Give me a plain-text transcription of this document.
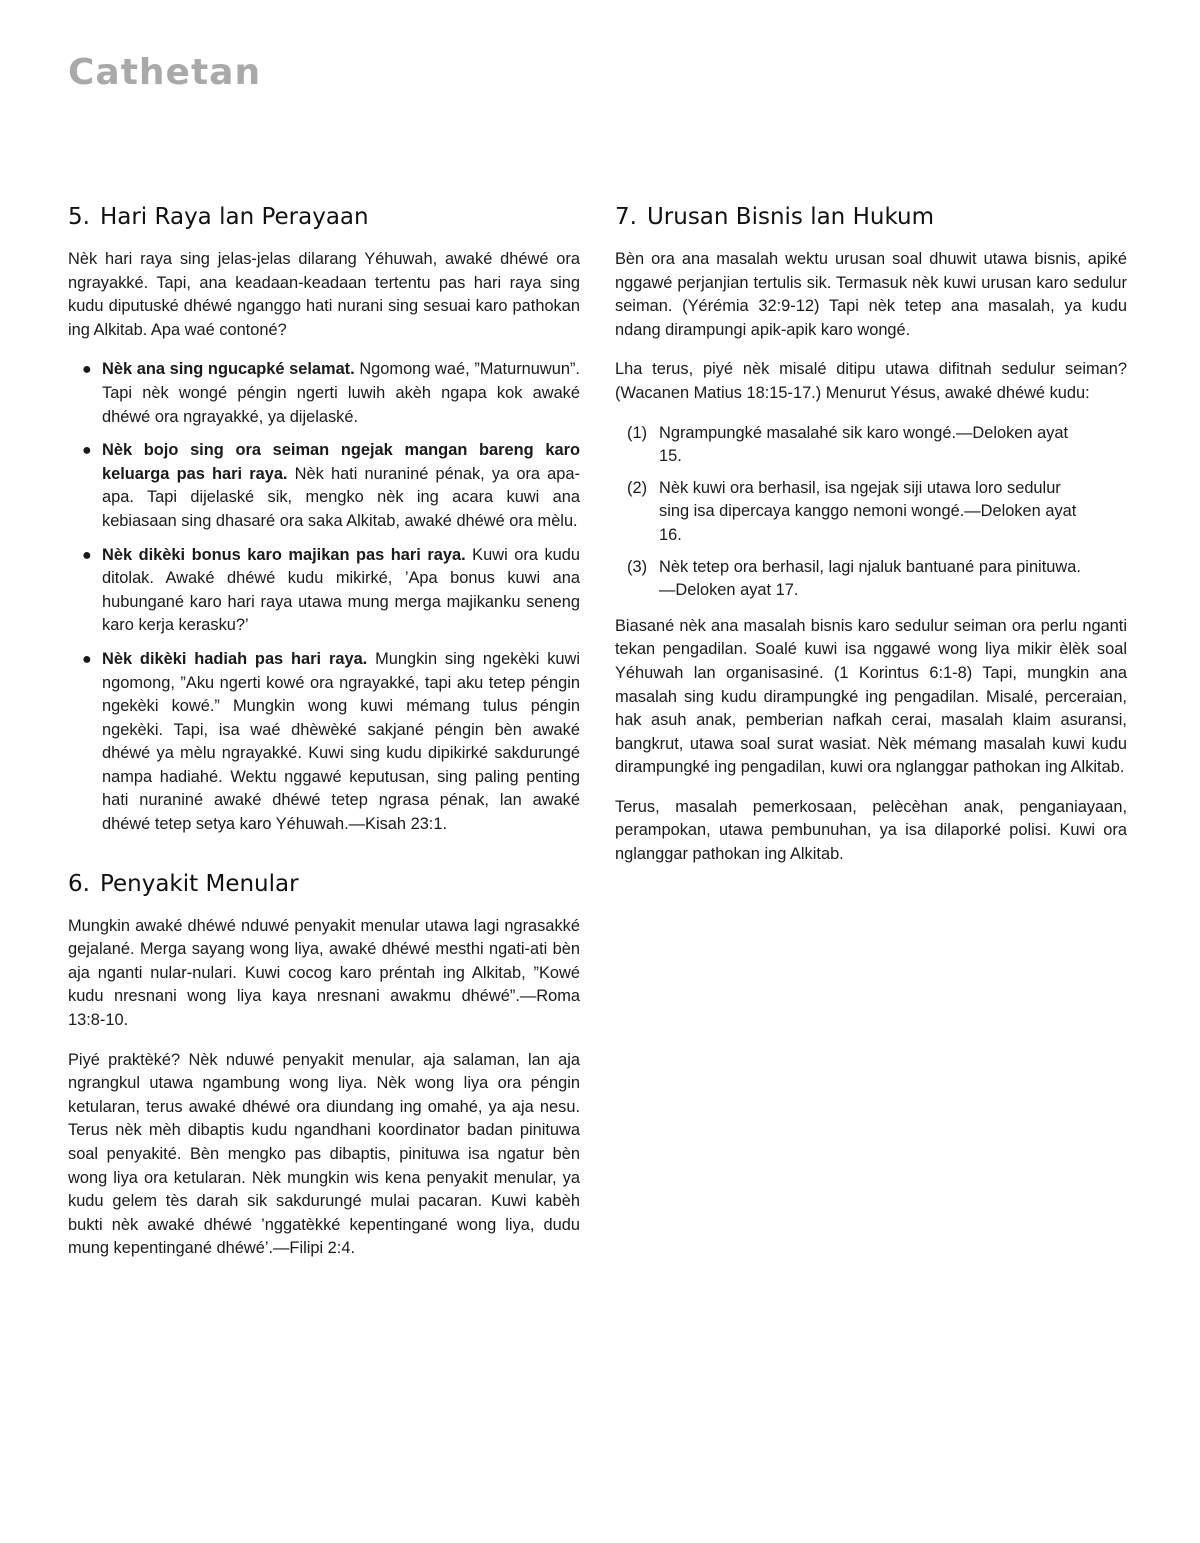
Cathetan
5. Hari Raya lan Perayaan

Nèk hari raya sing jelas-jelas dilarang Yéhuwah, awaké dhéwé ora ngrayakké. Tapi, ana keadaan-keadaan tertentu pas hari raya sing kudu diputuské dhéwé nganggo hati nurani sing sesuai karo pathokan ing Alkitab. Apa waé contoné?

● Nèk ana sing ngucapké selamat. Ngomong waé, ”Maturnuwun”. Tapi nèk wongé péngin ngerti luwih akèh ngapa kok awaké dhéwé ora ngrayakké, ya dijelaské.
● Nèk bojo sing ora seiman ngejak mangan bareng karo keluarga pas hari raya. Nèk hati nuraniné pénak, ya ora apa-apa. Tapi dijelaské sik, mengko nèk ing acara kuwi ana kebiasaan sing dhasaré ora saka Alkitab, awaké dhéwé ora mèlu.
● Nèk dikèki bonus karo majikan pas hari raya. Kuwi ora kudu ditolak. Awaké dhéwé kudu mikirké, ’Apa bonus kuwi ana hubungané karo hari raya utawa mung merga majikanku seneng karo kerja kerasku?’
● Nèk dikèki hadiah pas hari raya. Mungkin sing ngekèki kuwi ngomong, ”Aku ngerti kowé ora ngrayakké, tapi aku tetep péngin ngekèki kowé.” Mungkin wong kuwi mémang tulus péngin ngekèki. Tapi, isa waé dhèwèké sakjané péngin bèn awaké dhéwé ya mèlu ngrayakké. Kuwi sing kudu dipikirké sakdurungé nampa hadiahé. Wektu nggawé keputusan, sing paling penting hati nuraniné awaké dhéwé tetep ngrasa pénak, lan awaké dhéwé tetep setya karo Yéhuwah.—Kisah 23:1.
6. Penyakit Menular

Mungkin awaké dhéwé nduwé penyakit menular utawa lagi ngrasakké gejalané. Merga sayang wong liya, awaké dhéwé mesthi ngati-ati bèn aja nganti nular-nulari. Kuwi cocog karo préntah ing Alkitab, ”Kowé kudu nresnani wong liya kaya nresnani awakmu dhéwé”.—Roma 13:8-10.

Piyé praktèké? Nèk nduwé penyakit menular, aja salaman, lan aja ngrangkul utawa ngambung wong liya. Nèk wong liya ora péngin ketularan, terus awaké dhéwé ora diundang ing omahé, ya aja nesu. Terus nèk mèh dibaptis kudu ngandhani koordinator badan pinituwa soal penyakité. Bèn mengko pas dibaptis, pinituwa isa ngatur bèn wong liya ora ketularan. Nèk mungkin wis kena penyakit menular, ya kudu gelem tès darah sik sakdurungé mulai pacaran. Kuwi kabèh bukti nèk awaké dhéwé ’nggatèkké kepentingané wong liya, dudu mung kepentingané dhéwé’.—Filipi 2:4.

7. Urusan Bisnis lan Hukum

Bèn ora ana masalah wektu urusan soal dhuwit utawa bisnis, apiké nggawé perjanjian tertulis sik. Termasuk nèk kuwi urusan karo sedulur seiman. (Yérémia 32:9-12) Tapi nèk tetep ana masalah, ya kudu ndang dirampungi apik-apik karo wongé.

Lha terus, piyé nèk misalé ditipu utawa difitnah sedulur seiman? (Wacanen Matius 18:15-17.) Menurut Yésus, awaké dhéwé kudu:

(1) Ngrampungké masalahé sik karo wongé.—Deloken ayat 15.
(2) Nèk kuwi ora berhasil, isa ngejak siji utawa loro sedulur sing isa dipercaya kanggo nemoni wongé.—Deloken ayat 16.
(3) Nèk tetep ora berhasil, lagi njaluk bantuané para pinituwa.—Deloken ayat 17.

Biasané nèk ana masalah bisnis karo sedulur seiman ora perlu nganti tekan pengadilan. Soalé kuwi isa nggawé wong liya mikir èlèk soal Yéhuwah lan organisasiné. (1 Korintus 6:1-8) Tapi, mungkin ana masalah sing kudu dirampungké ing pengadilan. Misalé, perceraian, hak asuh anak, pemberian nafkah cerai, masalah klaim asuransi, bangkrut, utawa soal surat wasiat. Nèk mémang masalah kuwi kudu dirampungké ing pengadilan, kuwi ora nglanggar pathokan ing Alkitab.

Terus, masalah pemerkosaan, pelècèhan anak, penganiayaan, perampokan, utawa pembunuhan, ya isa dilaporké polisi. Kuwi ora nglanggar pathokan ing Alkitab.
